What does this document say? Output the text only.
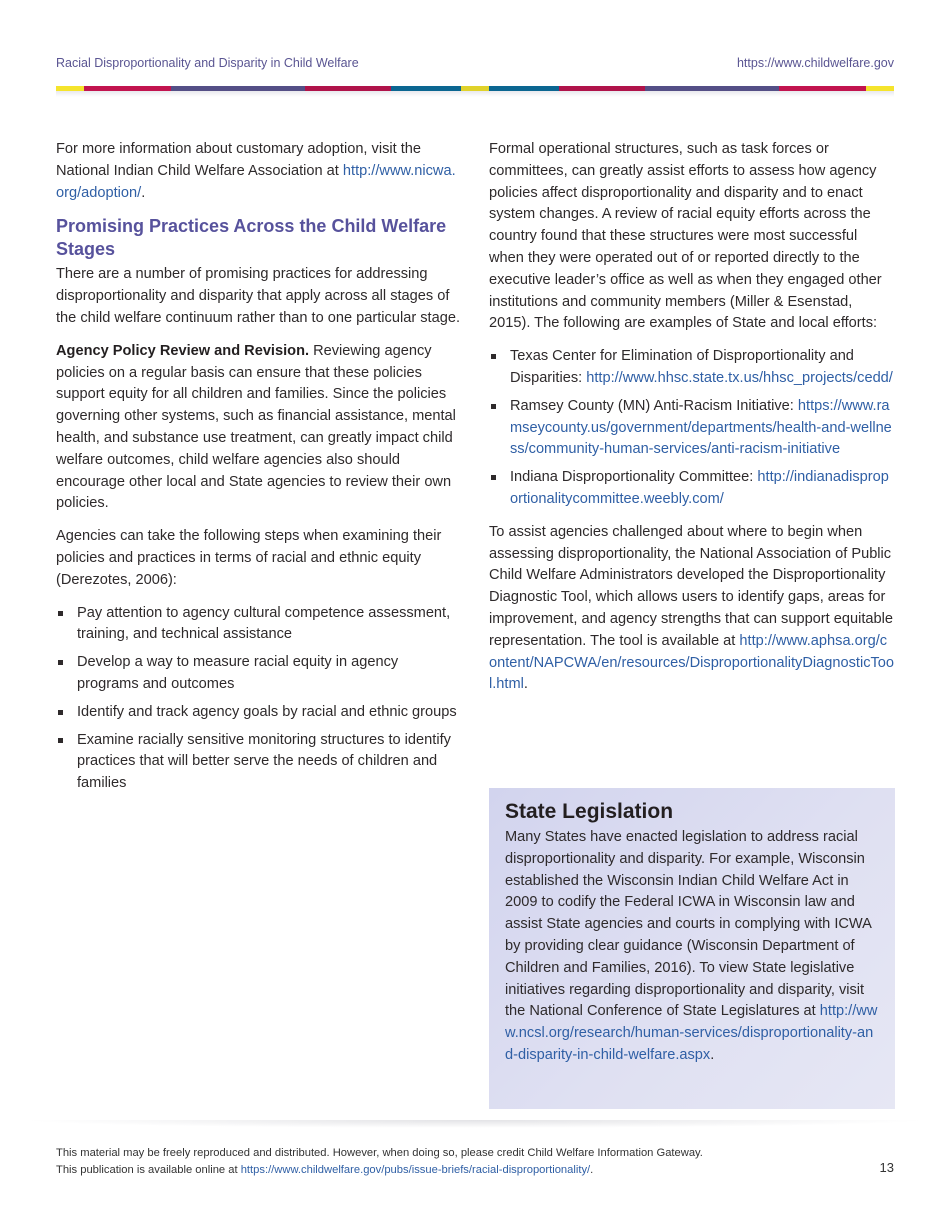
Racial Disproportionality and Disparity in Child Welfare	https://www.childwelfare.gov

For more information about customary adoption, visit the National Indian Child Welfare Association at http://www.nicwa.org/adoption/.

Promising Practices Across the Child Welfare Stages

There are a number of promising practices for addressing disproportionality and disparity that apply across all stages of the child welfare continuum rather than to one particular stage.

Agency Policy Review and Revision. Reviewing agency policies on a regular basis can ensure that these policies support equity for all children and families. Since the policies governing other systems, such as financial assistance, mental health, and substance use treatment, can greatly impact child welfare outcomes, child welfare agencies also should encourage other local and State agencies to review their own policies.

Agencies can take the following steps when examining their policies and practices in terms of racial and ethnic equity (Derezotes, 2006):

Pay attention to agency cultural competence assessment, training, and technical assistance
Develop a way to measure racial equity in agency programs and outcomes
Identify and track agency goals by racial and ethnic groups
Examine racially sensitive monitoring structures to identify practices that will better serve the needs of children and families

Formal operational structures, such as task forces or committees, can greatly assist efforts to assess how agency policies affect disproportionality and disparity and to enact system changes. A review of racial equity efforts across the country found that these structures were most successful when they were operated out of or reported directly to the executive leader’s office as well as when they engaged other institutions and community members (Miller & Esenstad, 2015). The following are examples of State and local efforts:

Texas Center for Elimination of Disproportionality and Disparities: http://www.hhsc.state.tx.us/hhsc_projects/cedd/
Ramsey County (MN) Anti-Racism Initiative: https://www.ramseycounty.us/government/departments/health-and-wellness/community-human-services/anti-racism-initiative
Indiana Disproportionality Committee: http://indianadisproportionalitycommittee.weebly.com/

To assist agencies challenged about where to begin when assessing disproportionality, the National Association of Public Child Welfare Administrators developed the Disproportionality Diagnostic Tool, which allows users to identify gaps, areas for improvement, and agency strengths that can support equitable representation. The tool is available at http://www.aphsa.org/content/NAPCWA/en/resources/DisproportionalityDiagnosticTool.html.

State Legislation

Many States have enacted legislation to address racial disproportionality and disparity. For example, Wisconsin established the Wisconsin Indian Child Welfare Act in 2009 to codify the Federal ICWA in Wisconsin law and assist State agencies and courts in complying with ICWA by providing clear guidance (Wisconsin Department of Children and Families, 2016). To view State legislative initiatives regarding disproportionality and disparity, visit the National Conference of State Legislatures at http://www.ncsl.org/research/human-services/disproportionality-and-disparity-in-child-welfare.aspx.

This material may be freely reproduced and distributed. However, when doing so, please credit Child Welfare Information Gateway.
This publication is available online at https://www.childwelfare.gov/pubs/issue-briefs/racial-disproportionality/.	13
